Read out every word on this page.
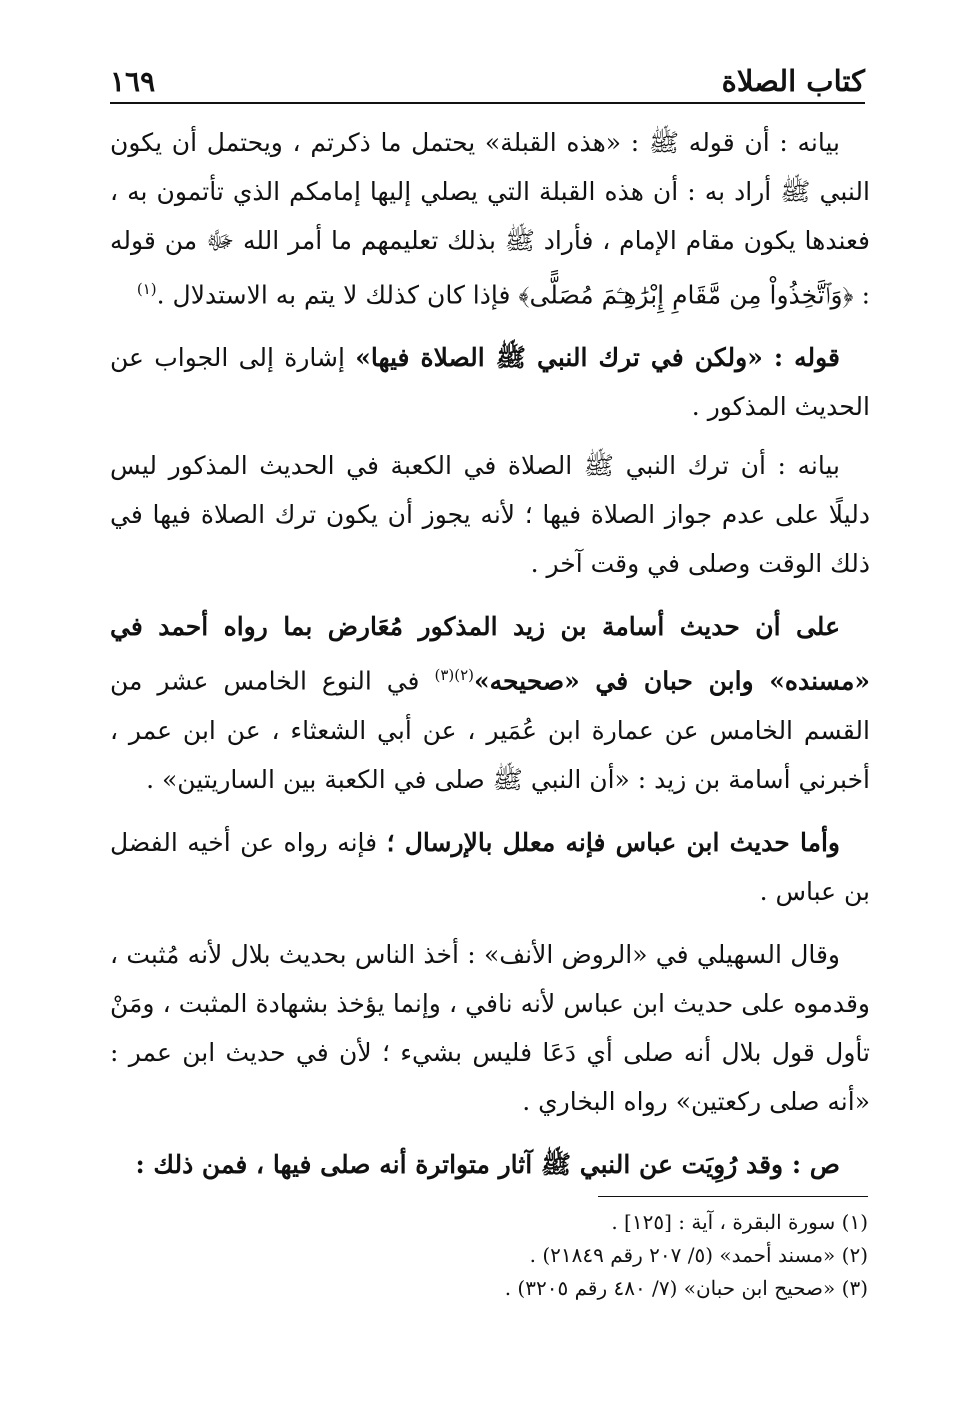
كتاب الصلاة
١٦٩

بيانه : أن قوله ﷺ : «هذه القبلة» يحتمل ما ذكرتم ، ويحتمل أن يكون النبي ﷺ أراد به : أن هذه القبلة التي يصلي إليها إمامكم الذي تأتمون به ، فعندها يكون مقام الإمام ، فأراد ﷺ بذلك تعليمهم ما أمر الله ﷻ من قوله : ﴿وَٱتَّخِذُواْ مِن مَّقَامِ إِبْرَٰهِـۧمَ مُصَلًّى﴾ فإذا كان كذلك لا يتم به الاستدلال .$^{(١)}$

قوله : «ولكن في ترك النبي ﷺ الصلاة فيها» إشارة إلى الجواب عن الحديث المذكور .

بيانه : أن ترك النبي ﷺ الصلاة في الكعبة في الحديث المذكور ليس دليلًا على عدم جواز الصلاة فيها ؛ لأنه يجوز أن يكون ترك الصلاة فيها في ذلك الوقت وصلى في وقت آخر .

على أن حديث أسامة بن زيد المذكور مُعَارض بما رواه أحمد في «مسنده» وابن حبان في «صحيحه»$^{(٢)(٣)}$ في النوع الخامس عشر من القسم الخامس عن عمارة ابن عُمَير ، عن أبي الشعثاء ، عن ابن عمر ، أخبرني أسامة بن زيد : «أن النبي ﷺ صلى في الكعبة بين الساريتين» .

وأما حديث ابن عباس فإنه معلل بالإرسال ؛ فإنه رواه عن أخيه الفضل بن عباس .

وقال السهيلي في «الروض الأنف» : أخذ الناس بحديث بلال لأنه مُثبت ، وقدموه على حديث ابن عباس لأنه نافي ، وإنما يؤخذ بشهادة المثبت ، ومَنْ تأول قول بلال أنه صلى أي دَعَا فليس بشيء ؛ لأن في حديث ابن عمر : «أنه صلى ركعتين» رواه البخاري .

ص : وقد رُوِيَت عن النبي ﷺ آثار متواترة أنه صلى فيها ، فمن ذلك :

(١) سورة البقرة ، آية : [١٢٥] .

(٢) «مسند أحمد» (٥/ ٢٠٧ رقم ٢١٨٤٩) .

(٣) «صحيح ابن حبان» (٧/ ٤٨٠ رقم ٣٢٠٥) .
